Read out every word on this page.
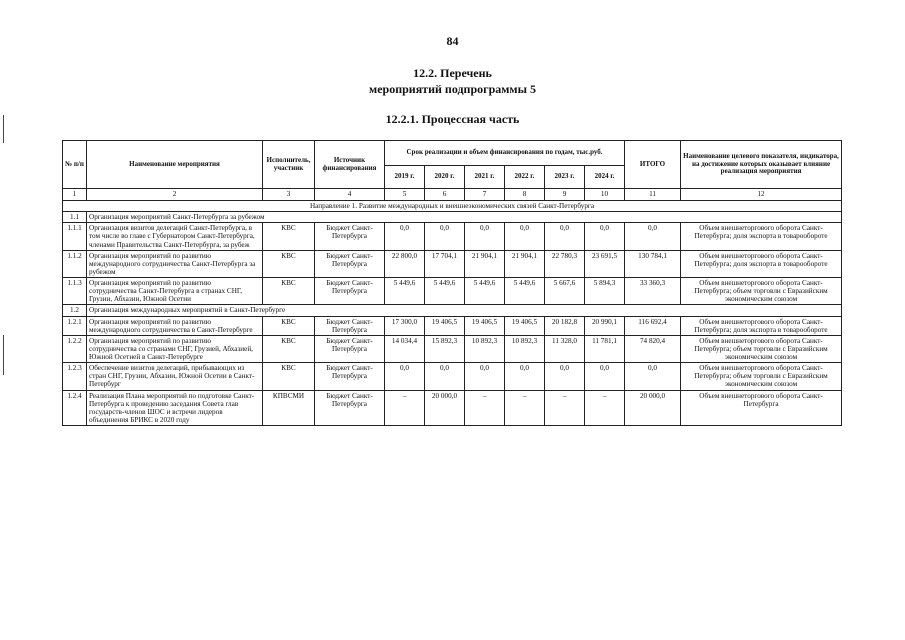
84
12.2. Перечень
мероприятий подпрограммы 5
12.2.1. Процессная часть
№ п/п	Наименование мероприятия	Исполнитель, участник	Источник финансирования	Срок реализации и объем финансирования по годам, тыс.руб.						ИТОГО	Наименование целевого показателя, индикатора, на достижение которых оказывает влияние реализация мероприятия
				2019 г.	2020 г.	2021 г.	2022 г.	2023 г.	2024 г.		
1	2	3	4	5	6	7	8	9	10	11	12
Направление 1. Развитие международных и внешнеэкономических связей Санкт-Петербурга											
1.1	Организация мероприятий Санкт-Петербурга за рубежом										
1.1.1	Организация визитов делегаций Санкт-Петербурга, в том числе во главе с Губернатором Санкт-Петербурга, членами Правительства Санкт-Петербурга, за рубеж	КВС	Бюджет Санкт-Петербурга	0,0	0,0	0,0	0,0	0,0	0,0	0,0	Объем внешнеторгового оборота Санкт-Петербурга; доля экспорта в товарообороте
1.1.2	Организация мероприятий по развитию международного сотрудничества Санкт-Петербурга за рубежом	КВС	Бюджет Санкт-Петербурга	22 800,0	17 704,1	21 904,1	21 904,1	22 780,3	23 691,5	130 784,1	Объем внешнеторгового оборота Санкт-Петербурга; доля экспорта в товарообороте
1.1.3	Организация мероприятий по развитию сотрудничества Санкт-Петербурга в странах СНГ, Грузии, Абхазии, Южной Осетии	КВС	Бюджет Санкт-Петербурга	5 449,6	5 449,6	5 449,6	5 449,6	5 667,6	5 894,3	33 360,3	Объем внешнеторгового оборота Санкт-Петербурга; объем торговли с Евразийским экономическим союзом
1.2	Организация международных мероприятий в Санкт-Петербурге										
1.2.1	Организация мероприятий по развитию международного сотрудничества в Санкт-Петербурге	КВС	Бюджет Санкт-Петербурга	17 300,0	19 406,5	19 406,5	19 406,5	20 182,8	20 990,1	116 692,4	Объем внешнеторгового оборота Санкт-Петербурга; доля экспорта в товарообороте
1.2.2	Организация мероприятий по развитию сотрудничества со странами СНГ, Грузией, Абхазией, Южной Осетией в Санкт-Петербурге	КВС	Бюджет Санкт-Петербурга	14 034,4	15 892,3	10 892,3	10 892,3	11 328,0	11 781,1	74 820,4	Объем внешнеторгового оборота Санкт-Петербурга; объем торговли с Евразийским экономическим союзом
1.2.3	Обеспечение визитов делегаций, прибывающих из стран СНГ, Грузии, Абхазии, Южной Осетии в Санкт-Петербург	КВС	Бюджет Санкт-Петербурга	0,0	0,0	0,0	0,0	0,0	0,0	0,0	Объем внешнеторгового оборота Санкт-Петербурга; объем торговли с Евразийским экономическим союзом
1.2.4	Реализация Плана мероприятий по подготовке Санкт-Петербурга к проведению заседания Совета глав государств-членов ШОС и встречи лидеров объединения БРИКС в 2020 году	КПВСМИ	Бюджет Санкт-Петербурга	–	20 000,0	–	–	–	–	20 000,0	Объем внешнеторгового оборота Санкт-Петербурга
